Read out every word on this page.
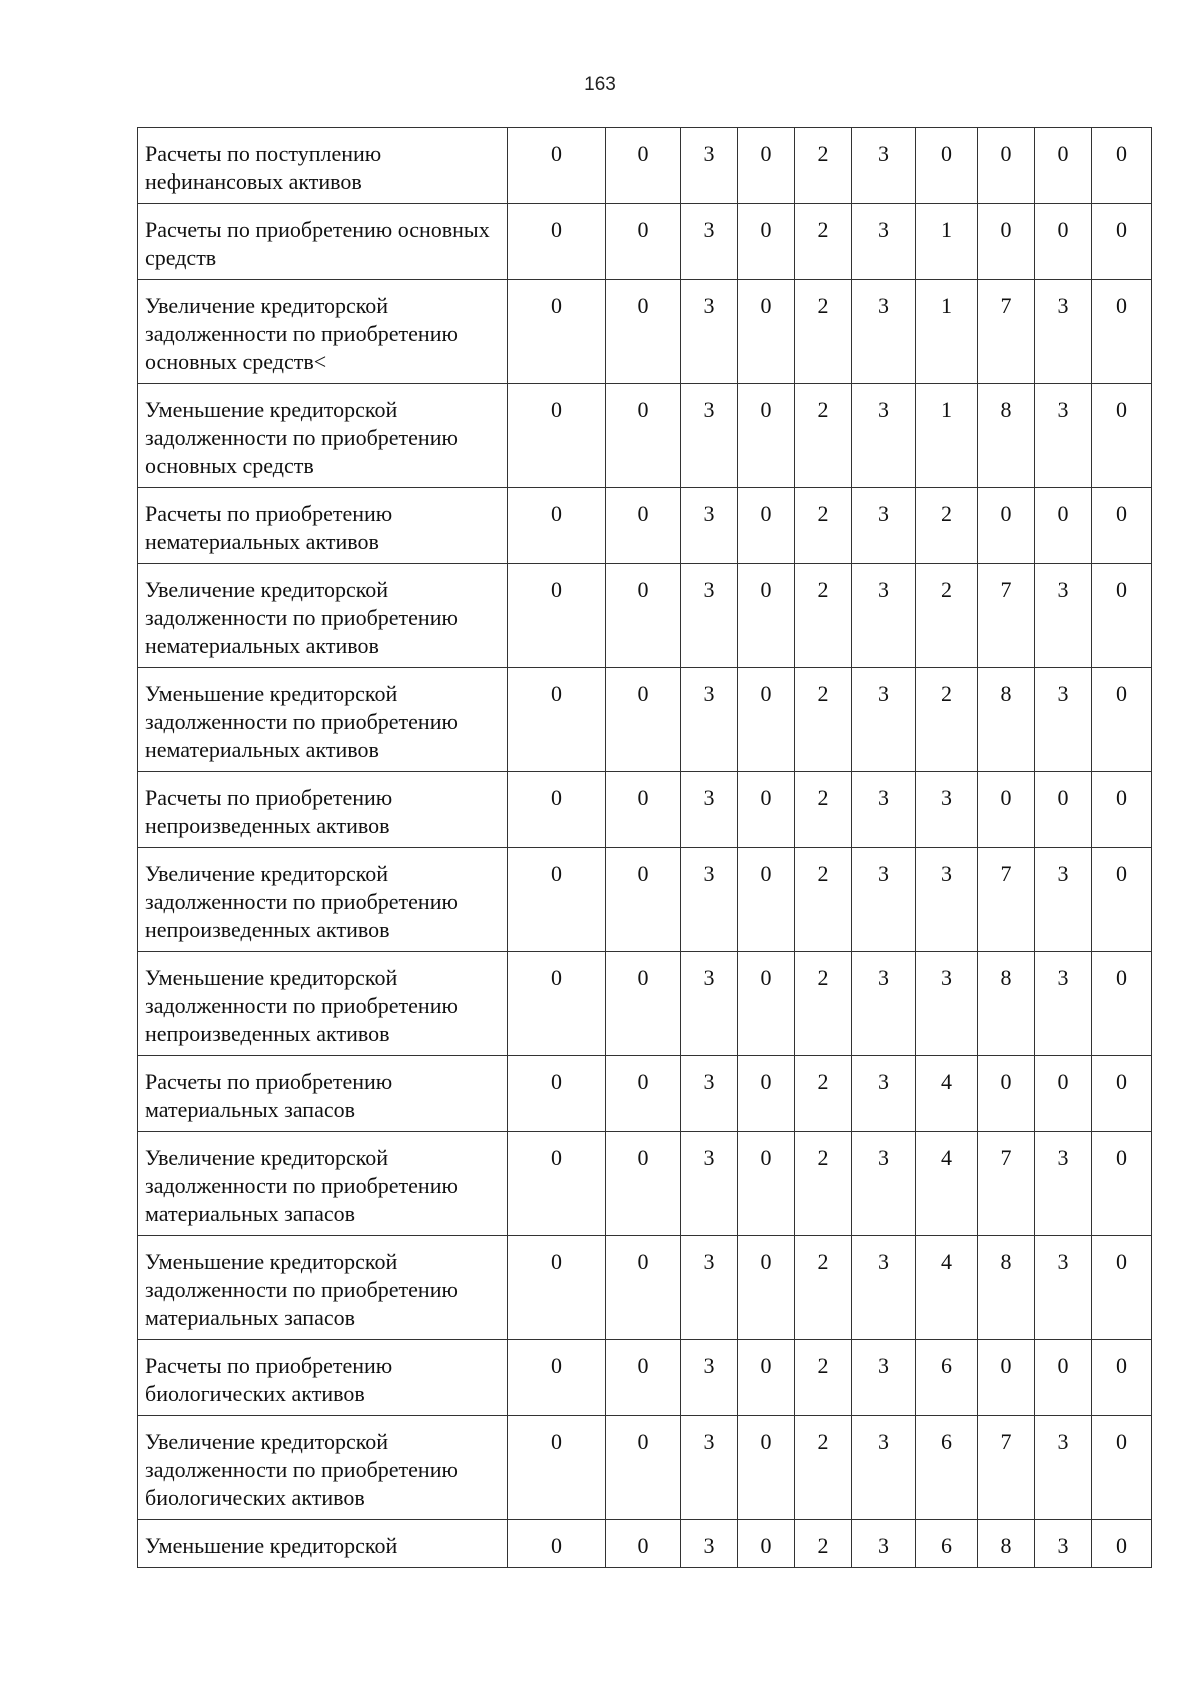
163
Расчеты по поступлению нефинансовых активов	0	0	3	0	2	3	0	0	0	0
Расчеты по приобретению основных средств	0	0	3	0	2	3	1	0	0	0
Увеличение кредиторской задолженности по приобретению основных средств<	0	0	3	0	2	3	1	7	3	0
Уменьшение кредиторской задолженности по приобретению основных средств	0	0	3	0	2	3	1	8	3	0
Расчеты по приобретению нематериальных активов	0	0	3	0	2	3	2	0	0	0
Увеличение кредиторской задолженности по приобретению нематериальных активов	0	0	3	0	2	3	2	7	3	0
Уменьшение кредиторской задолженности по приобретению нематериальных активов	0	0	3	0	2	3	2	8	3	0
Расчеты по приобретению непроизведенных активов	0	0	3	0	2	3	3	0	0	0
Увеличение кредиторской задолженности по приобретению непроизведенных активов	0	0	3	0	2	3	3	7	3	0
Уменьшение кредиторской задолженности по приобретению непроизведенных активов	0	0	3	0	2	3	3	8	3	0
Расчеты по приобретению материальных запасов	0	0	3	0	2	3	4	0	0	0
Увеличение кредиторской задолженности по приобретению материальных запасов	0	0	3	0	2	3	4	7	3	0
Уменьшение кредиторской задолженности по приобретению материальных запасов	0	0	3	0	2	3	4	8	3	0
Расчеты по приобретению биологических активов	0	0	3	0	2	3	6	0	0	0
Увеличение кредиторской задолженности по приобретению биологических активов	0	0	3	0	2	3	6	7	3	0
Уменьшение кредиторской	0	0	3	0	2	3	6	8	3	0
